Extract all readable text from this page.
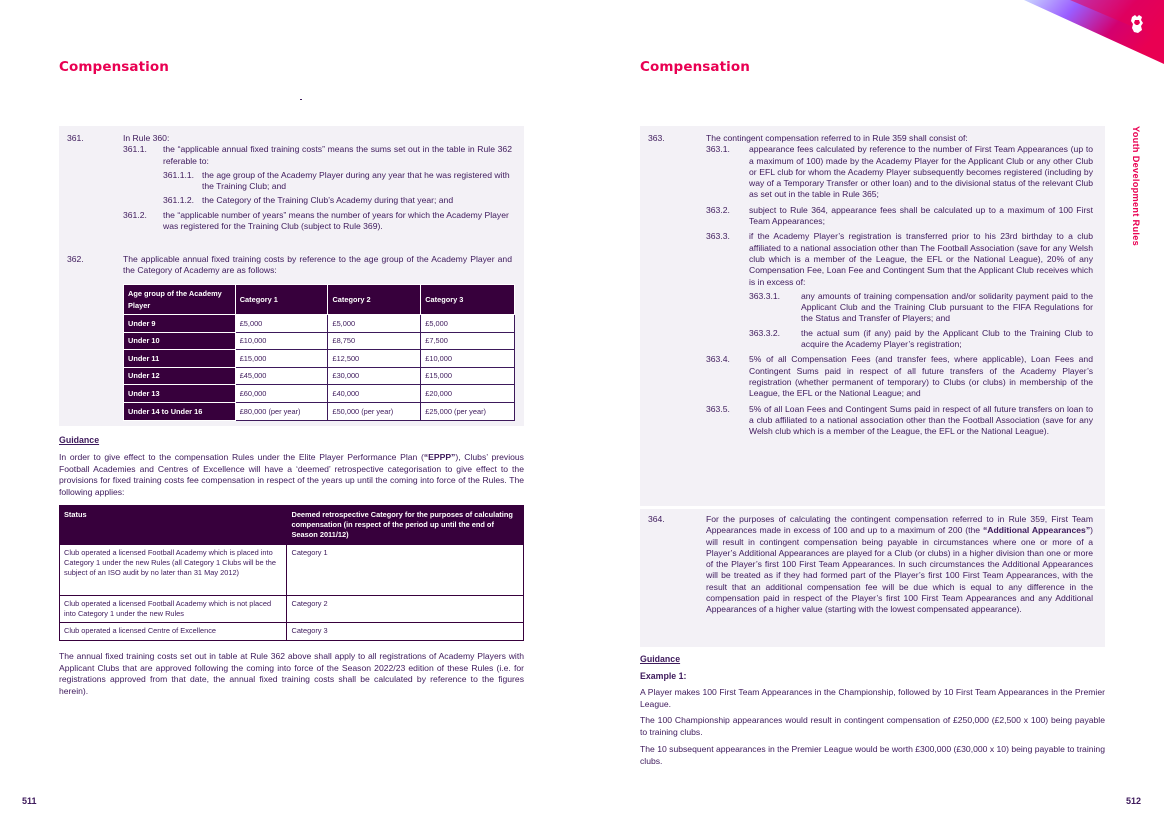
Compensation
361.	In Rule 360:
361.1. the “applicable annual fixed training costs” means the sums set out in the table in Rule 362 referable to:
361.1.1. the age group of the Academy Player during any year that he was registered with the Training Club; and
361.1.2. the Category of the Training Club’s Academy during that year; and
361.2. the “applicable number of years” means the number of years for which the Academy Player was registered for the Training Club (subject to Rule 369).
362.	The applicable annual fixed training costs by reference to the age group of the Academy Player and the Category of Academy are as follows:
Age group of the Academy Player	Category 1	Category 2	Category 3
Under 9	£5,000	£5,000	£5,000
Under 10	£10,000	£8,750	£7,500
Under 11	£15,000	£12,500	£10,000
Under 12	£45,000	£30,000	£15,000
Under 13	£60,000	£40,000	£20,000
Under 14 to Under 16	£80,000 (per year)	£50,000 (per year)	£25,000 (per year)
Guidance
In order to give effect to the compensation Rules under the Elite Player Performance Plan (“EPPP”), Clubs’ previous Football Academies and Centres of Excellence will have a ‘deemed’ retrospective categorisation to give effect to the provisions for fixed training costs fee compensation in respect of the years up until the coming into force of the Rules. The following applies:
Status	Deemed retrospective Category for the purposes of calculating compensation (in respect of the period up until the end of Season 2011/12)
Club operated a licensed Football Academy which is placed into Category 1 under the new Rules (all Category 1 Clubs will be the subject of an ISO audit by no later than 31 May 2012)	Category 1
Club operated a licensed Football Academy which is not placed into Category 1 under the new Rules	Category 2
Club operated a licensed Centre of Excellence	Category 3
The annual fixed training costs set out in table at Rule 362 above shall apply to all registrations of Academy Players with Applicant Clubs that are approved following the coming into force of the Season 2022/23 edition of these Rules (i.e. for registrations approved from that date, the annual fixed training costs shall be calculated by reference to the figures herein).
511
Compensation
363.	The contingent compensation referred to in Rule 359 shall consist of:
363.1. appearance fees calculated by reference to the number of First Team Appearances (up to a maximum of 100) made by the Academy Player for the Applicant Club or any other Club or EFL club for whom the Academy Player subsequently becomes registered (including by way of a Temporary Transfer or other loan) and to the divisional status of the relevant Club as set out in the table in Rule 365;
363.2. subject to Rule 364, appearance fees shall be calculated up to a maximum of 100 First Team Appearances;
363.3. if the Academy Player’s registration is transferred prior to his 23rd birthday to a club affiliated to a national association other than The Football Association (save for any Welsh club which is a member of the League, the EFL or the National League), 20% of any Compensation Fee, Loan Fee and Contingent Sum that the Applicant Club receives which is in excess of:
363.3.1. any amounts of training compensation and/or solidarity payment paid to the Applicant Club and the Training Club pursuant to the FIFA Regulations for the Status and Transfer of Players; and
363.3.2. the actual sum (if any) paid by the Applicant Club to the Training Club to acquire the Academy Player’s registration;
363.4. 5% of all Compensation Fees (and transfer fees, where applicable), Loan Fees and Contingent Sums paid in respect of all future transfers of the Academy Player’s registration (whether permanent of temporary) to Clubs (or clubs) in membership of the League, the EFL or the National League; and
363.5. 5% of all Loan Fees and Contingent Sums paid in respect of all future transfers on loan to a club affiliated to a national association other than the Football Association (save for any Welsh club which is a member of the League, the EFL or the National League).
364.	For the purposes of calculating the contingent compensation referred to in Rule 359, First Team Appearances made in excess of 100 and up to a maximum of 200 (the “Additional Appearances”) will result in contingent compensation being payable in circumstances where one or more of a Player’s Additional Appearances are played for a Club (or clubs) in a higher division than one or more of the Player’s first 100 First Team Appearances. In such circumstances the Additional Appearances will be treated as if they had formed part of the Player’s first 100 First Team Appearances, with the result that an additional compensation fee will be due which is equal to any difference in the compensation paid in respect of the Player’s first 100 First Team Appearances and any Additional Appearances of a higher value (starting with the lowest compensated appearance).
Guidance
Example 1:
A Player makes 100 First Team Appearances in the Championship, followed by 10 First Team Appearances in the Premier League.
The 100 Championship appearances would result in contingent compensation of £250,000 (£2,500 x 100) being payable to training clubs.
The 10 subsequent appearances in the Premier League would be worth £300,000 (£30,000 x 10) being payable to training clubs.
Youth Development Rules
512
